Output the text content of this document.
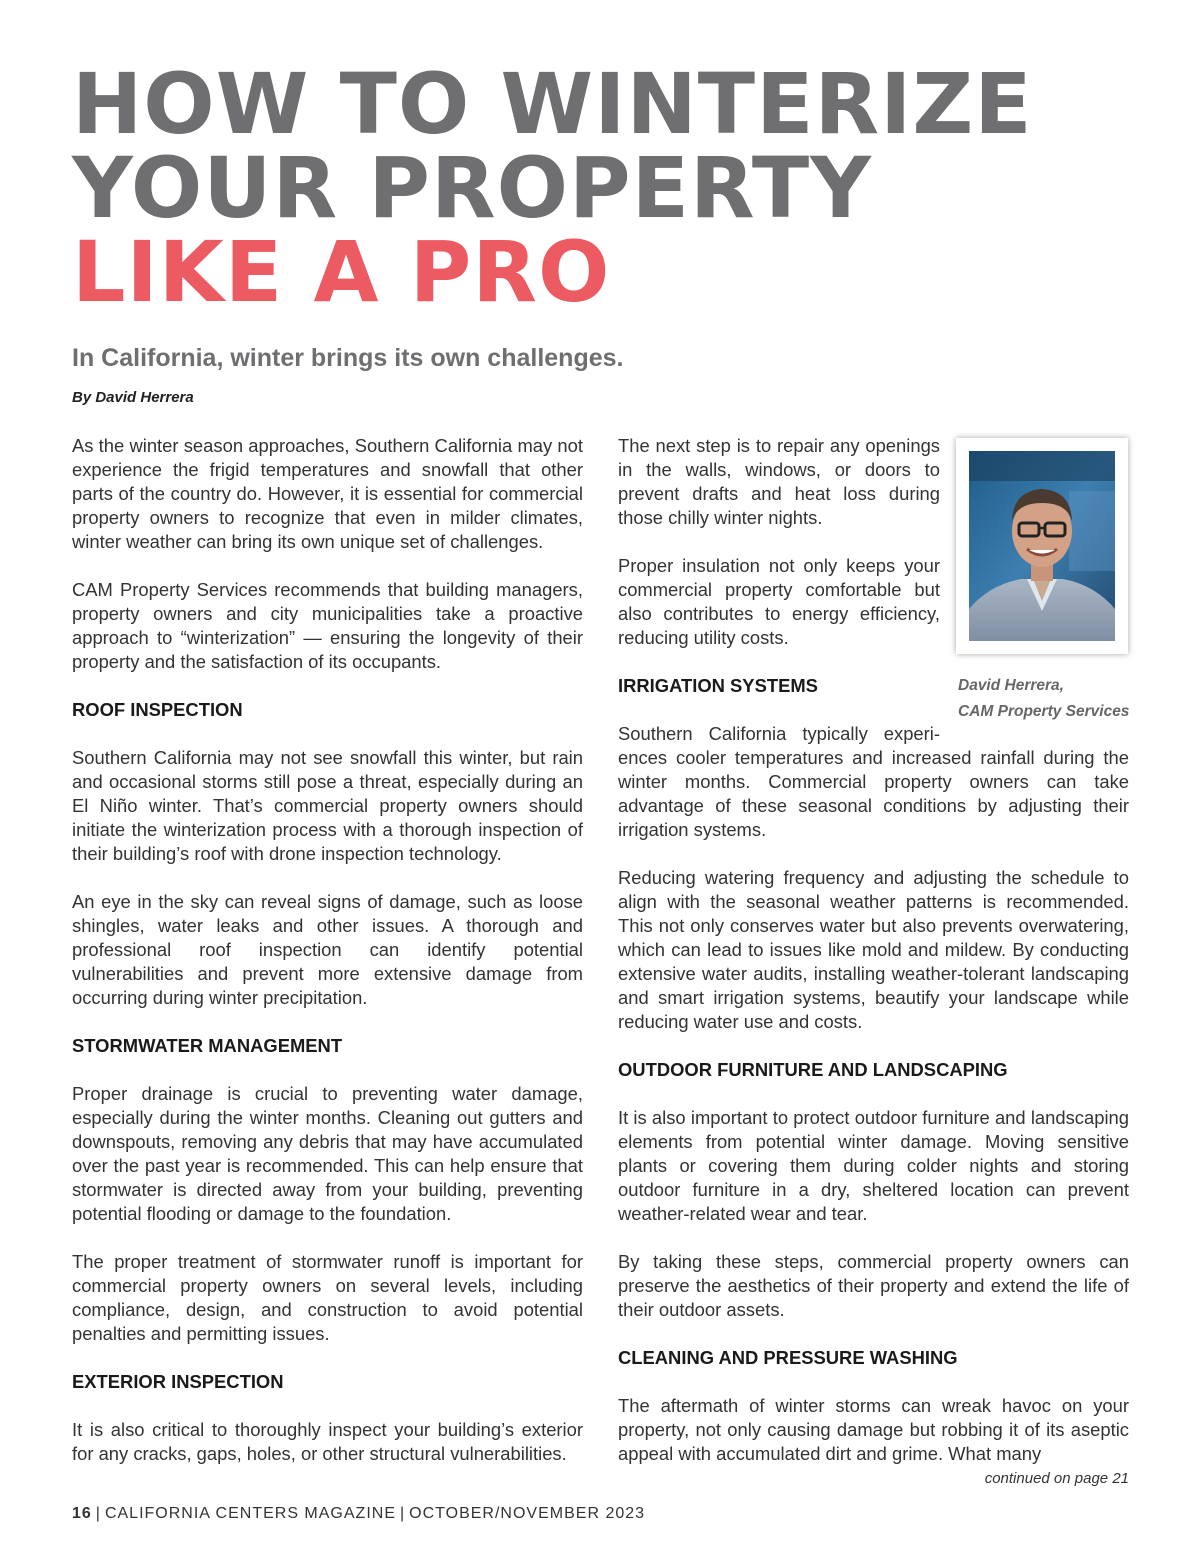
HOW TO WINTERIZE
YOUR PROPERTY
LIKE A PRO
In California, winter brings its own challenges.
By David Herrera

As the winter season approaches, Southern California may not experience the frigid temperatures and snowfall that other parts of the country do. However, it is essential for commercial property owners to recognize that even in milder climates, winter weather can bring its own unique set of challenges.

CAM Property Services recommends that building managers, property owners and city municipalities take a proactive approach to “winterization” — ensuring the longevity of their property and the satisfaction of its occupants.

ROOF INSPECTION

Southern California may not see snowfall this winter, but rain and occasional storms still pose a threat, especially during an El Niño winter. That’s commercial property owners should initiate the winterization process with a thorough inspection of their building’s roof with drone inspection technology.

An eye in the sky can reveal signs of damage, such as loose shingles, water leaks and other issues. A thorough and professional roof inspection can identify potential vulnerabilities and prevent more extensive damage from occurring during winter precipitation.

STORMWATER MANAGEMENT

Proper drainage is crucial to preventing water damage, especially during the winter months. Cleaning out gutters and downspouts, removing any debris that may have accumulated over the past year is recommended. This can help ensure that stormwater is directed away from your building, preventing potential flooding or damage to the foundation.

The proper treatment of stormwater runoff is important for commercial property owners on several levels, including compliance, design, and construction to avoid potential penalties and permitting issues.

EXTERIOR INSPECTION

It is also critical to thoroughly inspect your building’s exterior for any cracks, gaps, holes, or other structural vulnerabilities.

The next step is to repair any openings in the walls, windows, or doors to prevent drafts and heat loss during those chilly winter nights.

Proper insulation not only keeps your commercial property comfortable but also contributes to energy efficiency, reducing utility costs.

IRRIGATION SYSTEMS

Southern California typically experi-
ences cooler temperatures and increased rainfall during the winter months. Commercial property owners can take advantage of these seasonal conditions by adjusting their irrigation systems.

Reducing watering frequency and adjusting the schedule to align with the seasonal weather patterns is recommended. This not only conserves water but also prevents overwatering, which can lead to issues like mold and mildew. By conducting extensive water audits, installing weather-tolerant landscaping and smart irrigation systems, beautify your landscape while reducing water use and costs.

OUTDOOR FURNITURE AND LANDSCAPING

It is also important to protect outdoor furniture and landscaping elements from potential winter damage. Moving sensitive plants or covering them during colder nights and storing outdoor furniture in a dry, sheltered location can prevent weather-related wear and tear.

By taking these steps, commercial property owners can preserve the aesthetics of their property and extend the life of their outdoor assets.

CLEANING AND PRESSURE WASHING

The aftermath of winter storms can wreak havoc on your property, not only causing damage but robbing it of its aseptic appeal with accumulated dirt and grime. What many

David Herrera,
CAM Property Services
continued on page 21
16 | CALIFORNIA CENTERS MAGAZINE | OCTOBER/NOVEMBER 2023
